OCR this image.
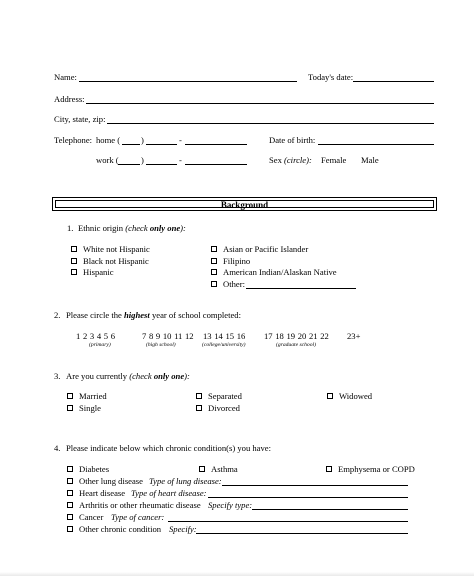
Name:	Today's date:
Address:
City, state, zip:
Telephone: home ( )	-	Date of birth:
work (	)	-	Sex (circle): Female Male
Background
1. Ethnic origin (check only one):
White not Hispanic
Black not Hispanic
Hispanic
Asian or Pacific Islander
Filipino
American Indian/Alaskan Native
Other:
2. Please circle the highest year of school completed:
1 2 3 4 5 6	7 8 9 10 11 12 13 14 15 16 17 18 19 20 21 22 23+
(primary)	(high school)	(college/university)	(graduate school)
3. Are you currently (check only one):
Married
Single
Separated
Divorced
Widowed
4. Please indicate below which chronic condition(s) you have:
Diabetes	Asthma	Emphysema or COPD
Other lung disease Type of lung disease:
Heart disease Type of heart disease:
Arthritis or other rheumatic disease Specify type:
Cancer Type of cancer:
Other chronic condition Specify:
